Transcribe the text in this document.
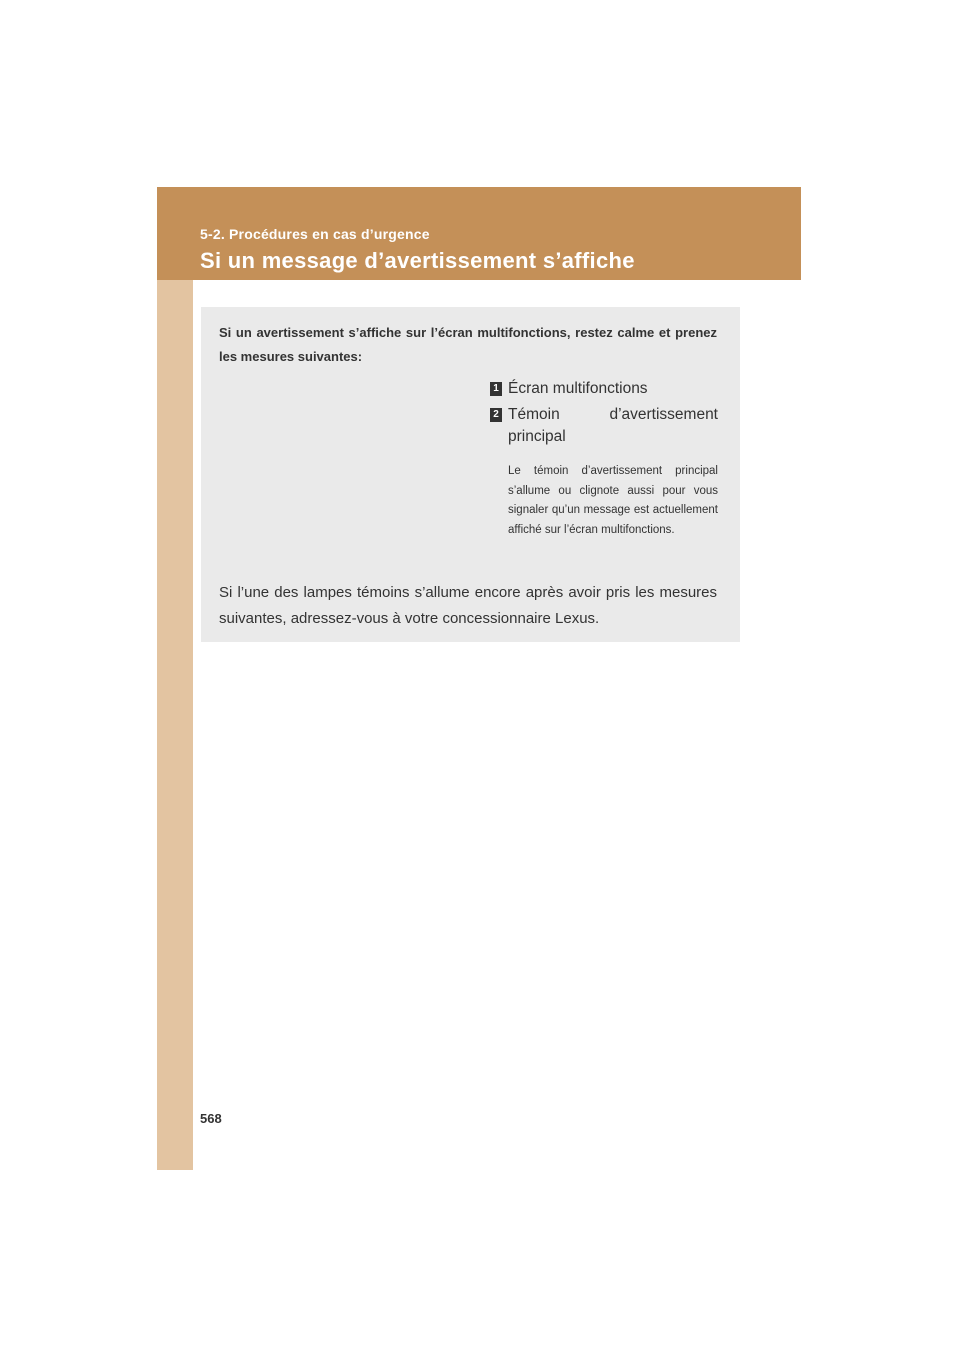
5-2. Procédures en cas d’urgence
Si un message d’avertissement s’affiche
Si un avertissement s’affiche sur l’écran multifonctions, restez calme et prenez les mesures suivantes:
1 Écran multifonctions
2 Témoin d’avertissement principal
Le témoin d’avertissement principal s’allume ou clignote aussi pour vous signaler qu’un message est actuellement affiché sur l’écran multifonctions.
Si l’une des lampes témoins s’allume encore après avoir pris les mesures suivantes, adressez-vous à votre concessionnaire Lexus.
568
